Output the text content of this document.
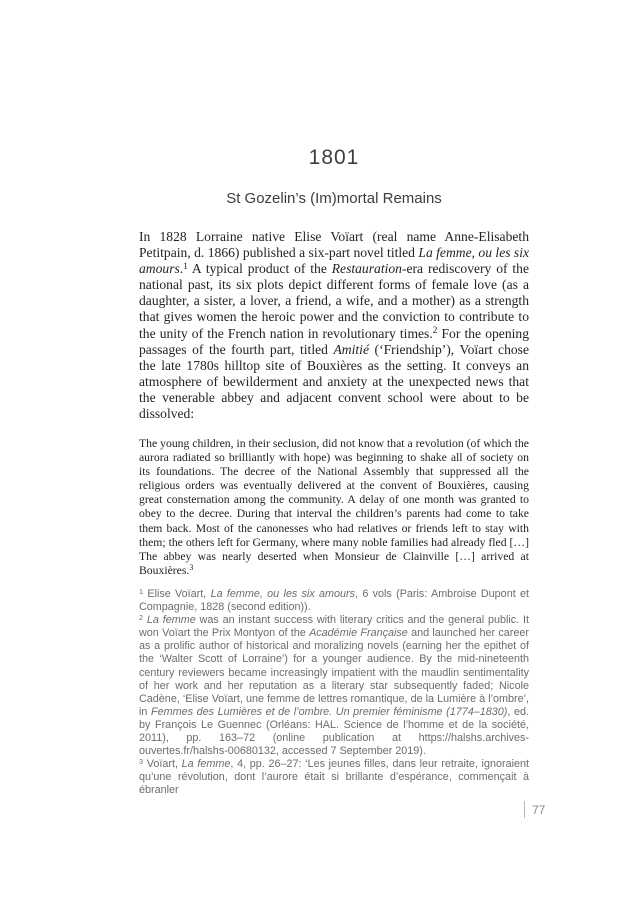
1801
St Gozelin’s (Im)mortal Remains
In 1828 Lorraine native Elise Voïart (real name Anne-Elisabeth Petitpain, d. 1866) published a six-part novel titled La femme, ou les six amours.$^1$ A typical product of the Restauration-era rediscovery of the national past, its six plots depict different forms of female love (as a daughter, a sister, a lover, a friend, a wife, and a mother) as a strength that gives women the heroic power and the conviction to contribute to the unity of the French nation in revolutionary times.$^2$ For the opening passages of the fourth part, titled Amitié (‘Friendship’), Voïart chose the late 1780s hilltop site of Bouxières as the setting. It conveys an atmosphere of bewilderment and anxiety at the unexpected news that the venerable abbey and adjacent convent school were about to be dissolved:
The young children, in their seclusion, did not know that a revolution (of which the aurora radiated so brilliantly with hope) was beginning to shake all of society on its foundations. The decree of the National Assembly that suppressed all the religious orders was eventually delivered at the convent of Bouxières, causing great consternation among the community. A delay of one month was granted to obey to the decree. During that interval the children’s parents had come to take them back. Most of the canonesses who had relatives or friends left to stay with them; the others left for Germany, where many noble families had already fled […] The abbey was nearly deserted when Monsieur de Clainville […] arrived at Bouxières.$^3$
$^1$ Elise Voïart, La femme, ou les six amours, 6 vols (Paris: Ambroise Dupont et Compagnie, 1828 (second edition)).
$^2$ La femme was an instant success with literary critics and the general public. It won Voïart the Prix Montyon of the Académie Française and launched her career as a prolific author of historical and moralizing novels (earning her the epithet of the ‘Walter Scott of Lorraine’) for a younger audience. By the mid-nineteenth century reviewers became increasingly impatient with the maudlin sentimentality of her work and her reputation as a literary star subsequently faded; Nicole Cadène, ‘Elise Voïart, une femme de lettres romantique, de la Lumière à l’ombre’, in Femmes des Lumières et de l’ombre. Un premier féminisme (1774–1830), ed. by François Le Guennec (Orléans: HAL. Science de l’homme et de la société, 2011), pp. 163–72 (online publication at https://halshs.archives-ouvertes.fr/halshs-00680132, accessed 7 September 2019).
$^3$ Voïart, La femme, 4, pp. 26–27: ‘Les jeunes filles, dans leur retraite, ignoraient qu’une révolution, dont l’aurore était si brillante d’espérance, commençait à ébranler
77
